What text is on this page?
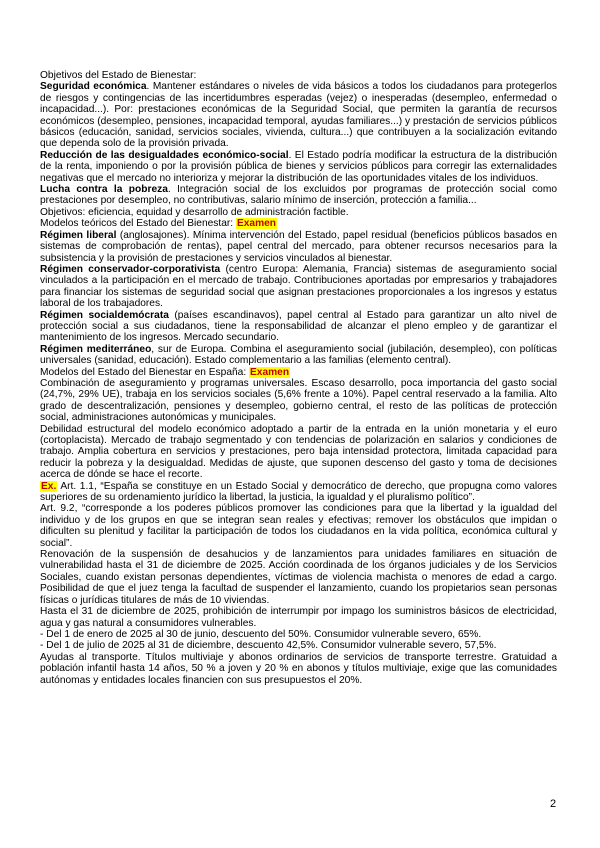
Objetivos del Estado de Bienestar:

Seguridad económica. Mantener estándares o niveles de vida básicos a todos los ciudadanos para protegerlos de riesgos y contingencias de las incertidumbres esperadas (vejez) o inesperadas (desempleo, enfermedad o incapacidad...). Por: prestaciones económicas de la Seguridad Social, que permiten la garantía de recursos económicos (desempleo, pensiones, incapacidad temporal, ayudas familiares...) y prestación de servicios públicos básicos (educación, sanidad, servicios sociales, vivienda, cultura...) que contribuyen a la socialización evitando que dependa solo de la provisión privada.

Reducción de las desigualdades económico-social. El Estado podría modificar la estructura de la distribución de la renta, imponiendo o por la provisión pública de bienes y servicios públicos para corregir las externalidades negativas que el mercado no interioriza y mejorar la distribución de las oportunidades vitales de los individuos.

Lucha contra la pobreza. Integración social de los excluidos por programas de protección social como prestaciones por desempleo, no contributivas, salario mínimo de inserción, protección a familia...

Objetivos: eficiencia, equidad y desarrollo de administración factible.

Modelos teóricos del Estado del Bienestar: Examen

Régimen liberal (anglosajones). Mínima intervención del Estado, papel residual (beneficios públicos basados en sistemas de comprobación de rentas), papel central del mercado, para obtener recursos necesarios para la subsistencia y la provisión de prestaciones y servicios vinculados al bienestar.

Régimen conservador-corporativista (centro Europa: Alemania, Francia) sistemas de aseguramiento social vinculados a la participación en el mercado de trabajo. Contribuciones aportadas por empresarios y trabajadores para financiar los sistemas de seguridad social que asignan prestaciones proporcionales a los ingresos y estatus laboral de los trabajadores.

Régimen socialdemócrata (países escandinavos), papel central al Estado para garantizar un alto nivel de protección social a sus ciudadanos, tiene la responsabilidad de alcanzar el pleno empleo y de garantizar el mantenimiento de los ingresos. Mercado secundario.

Régimen mediterráneo, sur de Europa. Combina el aseguramiento social (jubilación, desempleo), con políticas universales (sanidad, educación). Estado complementario a las familias (elemento central).

Modelos del Estado del Bienestar en España: Examen

Combinación de aseguramiento y programas universales. Escaso desarrollo, poca importancia del gasto social (24,7%, 29% UE), trabaja en los servicios sociales (5,6% frente a 10%). Papel central reservado a la familia. Alto grado de descentralización, pensiones y desempleo, gobierno central, el resto de las políticas de protección social, administraciones autonómicas y municipales.

Debilidad estructural del modelo económico adoptado a partir de la entrada en la unión monetaria y el euro (cortoplacista). Mercado de trabajo segmentado y con tendencias de polarización en salarios y condiciones de trabajo. Amplia cobertura en servicios y prestaciones, pero baja intensidad protectora, limitada capacidad para reducir la pobreza y la desigualdad. Medidas de ajuste, que suponen descenso del gasto y toma de decisiones acerca de dónde se hace el recorte.

Ex. Art. 1.1, “España se constituye en un Estado Social y democrático de derecho, que propugna como valores superiores de su ordenamiento jurídico la libertad, la justicia, la igualdad y el pluralismo político”.

Art. 9.2, “corresponde a los poderes públicos promover las condiciones para que la libertad y la igualdad del individuo y de los grupos en que se integran sean reales y efectivas; remover los obstáculos que impidan o dificulten su plenitud y facilitar la participación de todos los ciudadanos en la vida política, económica cultural y social”.

Renovación de la suspensión de desahucios y de lanzamientos para unidades familiares en situación de vulnerabilidad hasta el 31 de diciembre de 2025. Acción coordinada de los órganos judiciales y de los Servicios Sociales, cuando existan personas dependientes, víctimas de violencia machista o menores de edad a cargo. Posibilidad de que el juez tenga la facultad de suspender el lanzamiento, cuando los propietarios sean personas físicas o jurídicas titulares de más de 10 viviendas.

Hasta el 31 de diciembre de 2025, prohibición de interrumpir por impago los suministros básicos de electricidad, agua y gas natural a consumidores vulnerables.

- Del 1 de enero de 2025 al 30 de junio, descuento del 50%. Consumidor vulnerable severo, 65%.

- Del 1 de julio de 2025 al 31 de diciembre, descuento 42,5%. Consumidor vulnerable severo, 57,5%.

Ayudas al transporte. Títulos multiviaje y abonos ordinarios de servicios de transporte terrestre. Gratuidad a población infantil hasta 14 años, 50 % a joven y 20 % en abonos y títulos multiviaje, exige que las comunidades autónomas y entidades locales financien con sus presupuestos el 20%.

2
